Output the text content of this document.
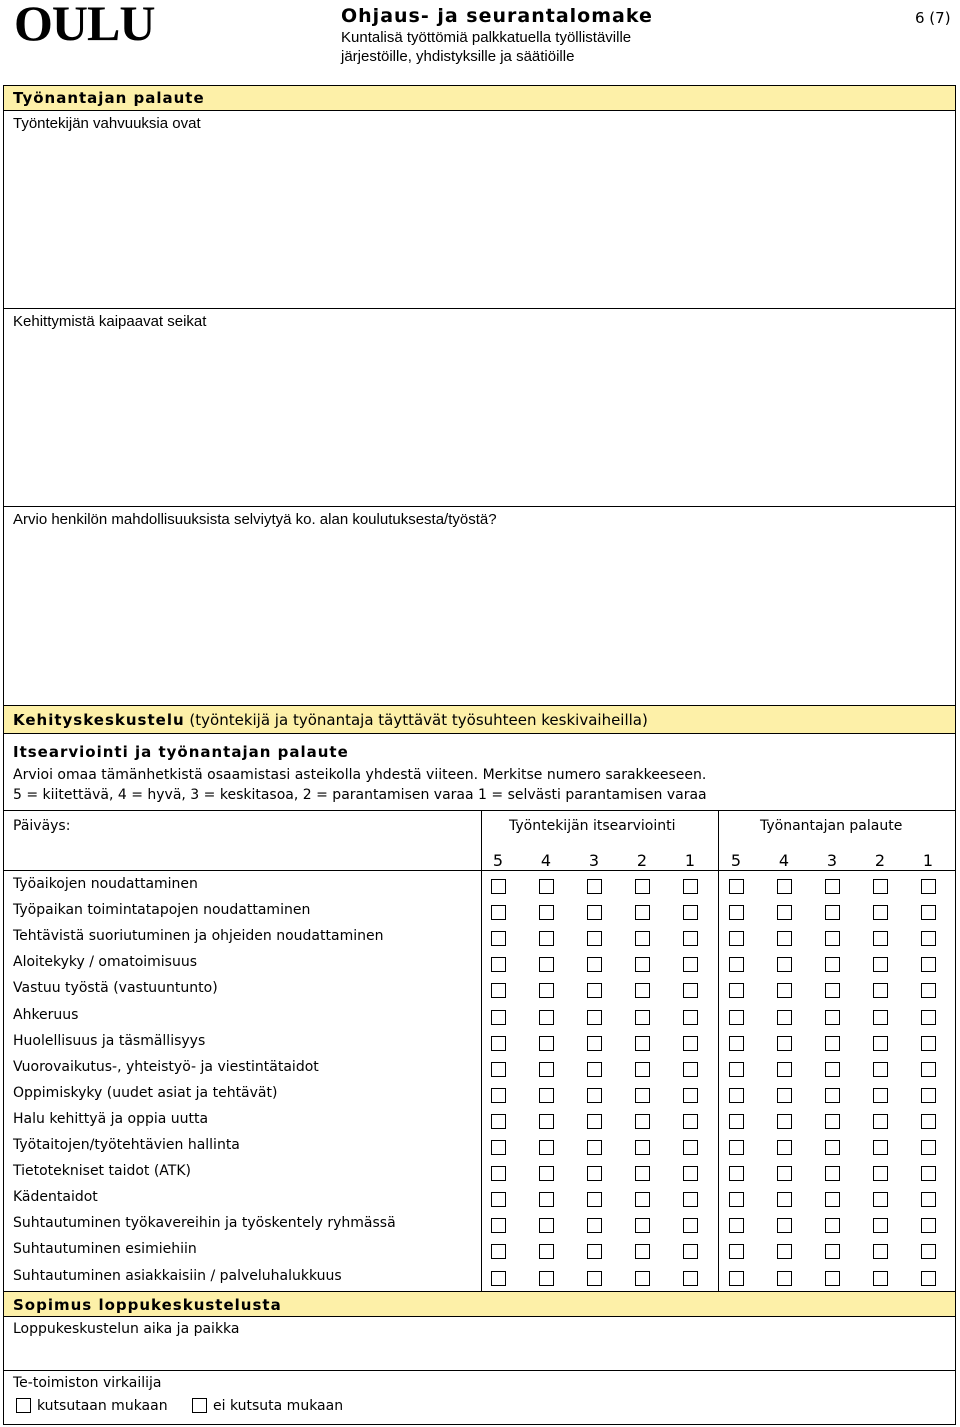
OULU	Ohjaus- ja seurantalomake
Kuntalisä työttömiä palkkatuella työllistäville
järjestöille, yhdistyksille ja säätiöille
6 (7)
Työnantajan palaute
Työntekijän vahvuuksia ovat
Kehittymistä kaipaavat seikat
Arvio henkilön mahdollisuuksista selviytyä ko. alan koulutuksesta/työstä?
Kehityskeskustelu (työntekijä ja työnantaja täyttävät työsuhteen keskivaiheilla)
Itsearviointi ja työnantajan palaute
Arvioi omaa tämänhetkistä osaamistasi asteikolla yhdestä viiteen. Merkitse numero sarakkeeseen.
5 = kiitettävä, 4 = hyvä, 3 = keskitasoa, 2 = parantamisen varaa 1 = selvästi parantamisen varaa
Päiväys:	Työntekijän itsearviointi	Työnantajan palaute
5 4 3 2 1 5 4 3 2 1
Työaikojen noudattaminen
Työpaikan toimintatapojen noudattaminen
Tehtävistä suoriutuminen ja ohjeiden noudattaminen
Aloitekyky / omatoimisuus
Vastuu työstä (vastuuntunto)
Ahkeruus
Huolellisuus ja täsmällisyys
Vuorovaikutus-, yhteistyö- ja viestintätaidot
Oppimiskyky (uudet asiat ja tehtävät)
Halu kehittyä ja oppia uutta
Työtaitojen/työtehtävien hallinta
Tietotekniset taidot (ATK)
Kädentaidot
Suhtautuminen työkavereihin ja työskentely ryhmässä
Suhtautuminen esimiehiin
Suhtautuminen asiakkaisiin / palveluhalukkuus
Sopimus loppukeskustelusta
Loppukeskustelun aika ja paikka
Te-toimiston virkailija
kutsutaan mukaan	ei kutsuta mukaan
